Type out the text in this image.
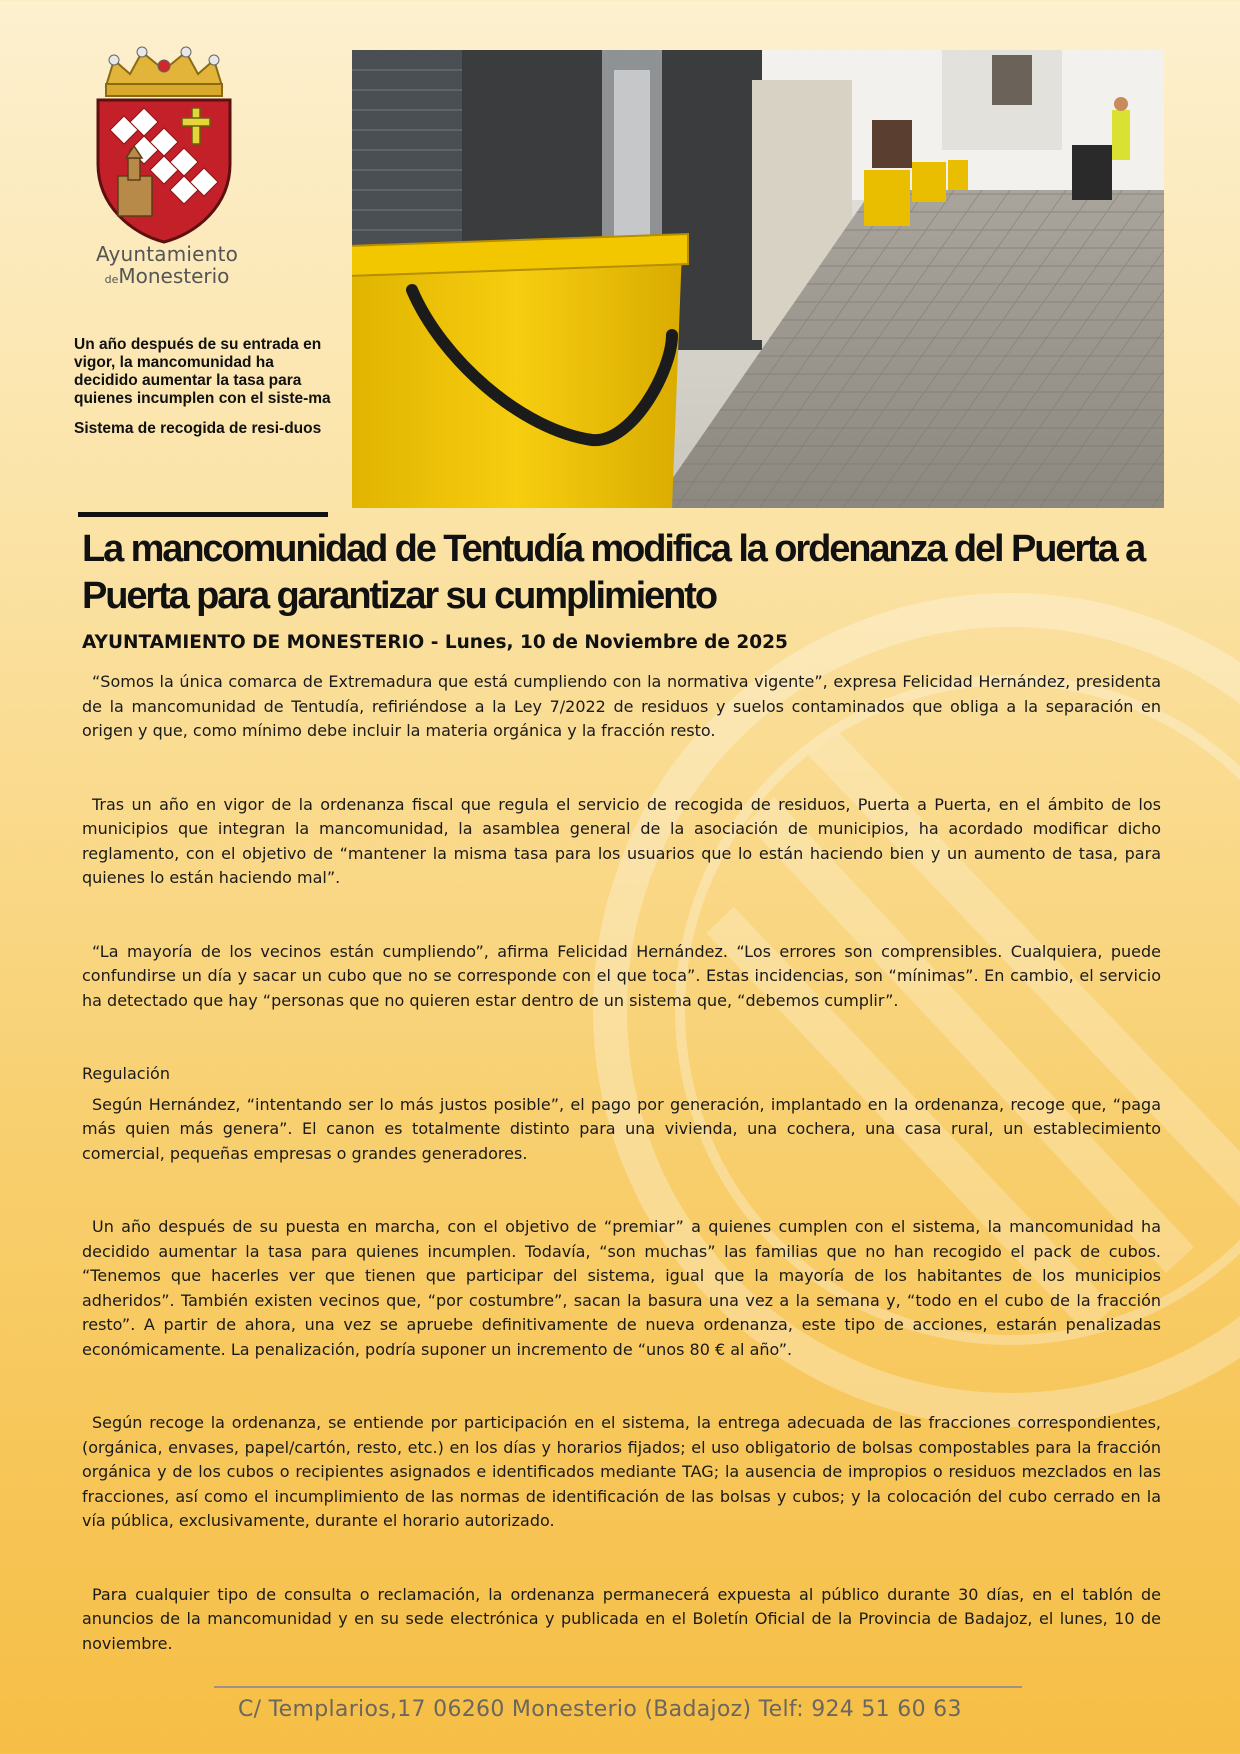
Ayuntamiento
deMonesterio

Un año después de su entrada en vigor, la mancomunidad ha decidido aumentar la tasa para quienes incumplen con el siste-ma

Sistema de recogida de resi-duos

La mancomunidad de Tentudía modifica la ordenanza del Puerta a Puerta para garantizar su cumplimiento

AYUNTAMIENTO DE MONESTERIO - Lunes, 10 de Noviembre de 2025

“Somos la única comarca de Extremadura que está cumpliendo con la normativa vigente”, expresa Felicidad Hernández, presidenta de la mancomunidad de Tentudía, refiriéndose a la Ley 7/2022 de residuos y suelos contaminados que obliga a la separación en origen y que, como mínimo debe incluir la materia orgánica y la fracción resto.

Tras un año en vigor de la ordenanza fiscal que regula el servicio de recogida de residuos, Puerta a Puerta, en el ámbito de los municipios que integran la mancomunidad, la asamblea general de la asociación de municipios, ha acordado modificar dicho reglamento, con el objetivo de “mantener la misma tasa para los usuarios que lo están haciendo bien y un aumento de tasa, para quienes lo están haciendo mal”.

“La mayoría de los vecinos están cumpliendo”, afirma Felicidad Hernández. “Los errores son comprensibles. Cualquiera, puede confundirse un día y sacar un cubo que no se corresponde con el que toca”. Estas incidencias, son “mínimas”. En cambio, el servicio ha detectado que hay “personas que no quieren estar dentro de un sistema que, “debemos cumplir”.

Regulación

Según Hernández, “intentando ser lo más justos posible”, el pago por generación, implantado en la ordenanza, recoge que, “paga más quien más genera”. El canon es totalmente distinto para una vivienda, una cochera, una casa rural, un establecimiento comercial, pequeñas empresas o grandes generadores.

Un año después de su puesta en marcha, con el objetivo de “premiar” a quienes cumplen con el sistema, la mancomunidad ha decidido aumentar la tasa para quienes incumplen. Todavía, “son muchas” las familias que no han recogido el pack de cubos. “Tenemos que hacerles ver que tienen que participar del sistema, igual que la mayoría de los habitantes de los municipios adheridos”. También existen vecinos que, “por costumbre”, sacan la basura una vez a la semana y, “todo en el cubo de la fracción resto”. A partir de ahora, una vez se apruebe definitivamente de nueva ordenanza, este tipo de acciones, estarán penalizadas económicamente. La penalización, podría suponer un incremento de “unos 80 € al año”.

Según recoge la ordenanza, se entiende por participación en el sistema, la entrega adecuada de las fracciones correspondientes, (orgánica, envases, papel/cartón, resto, etc.) en los días y horarios fijados; el uso obligatorio de bolsas compostables para la fracción orgánica y de los cubos o recipientes asignados e identificados mediante TAG; la ausencia de impropios o residuos mezclados en las fracciones, así como el incumplimiento de las normas de identificación de las bolsas y cubos; y la colocación del cubo cerrado en la vía pública, exclusivamente, durante el horario autorizado.

Para cualquier tipo de consulta o reclamación, la ordenanza permanecerá expuesta al público durante 30 días, en el tablón de anuncios de la mancomunidad y en su sede electrónica y publicada en el Boletín Oficial de la Provincia de Badajoz, el lunes, 10 de noviembre.

C/ Templarios,17 06260 Monesterio (Badajoz) Telf: 924 51 60 63
